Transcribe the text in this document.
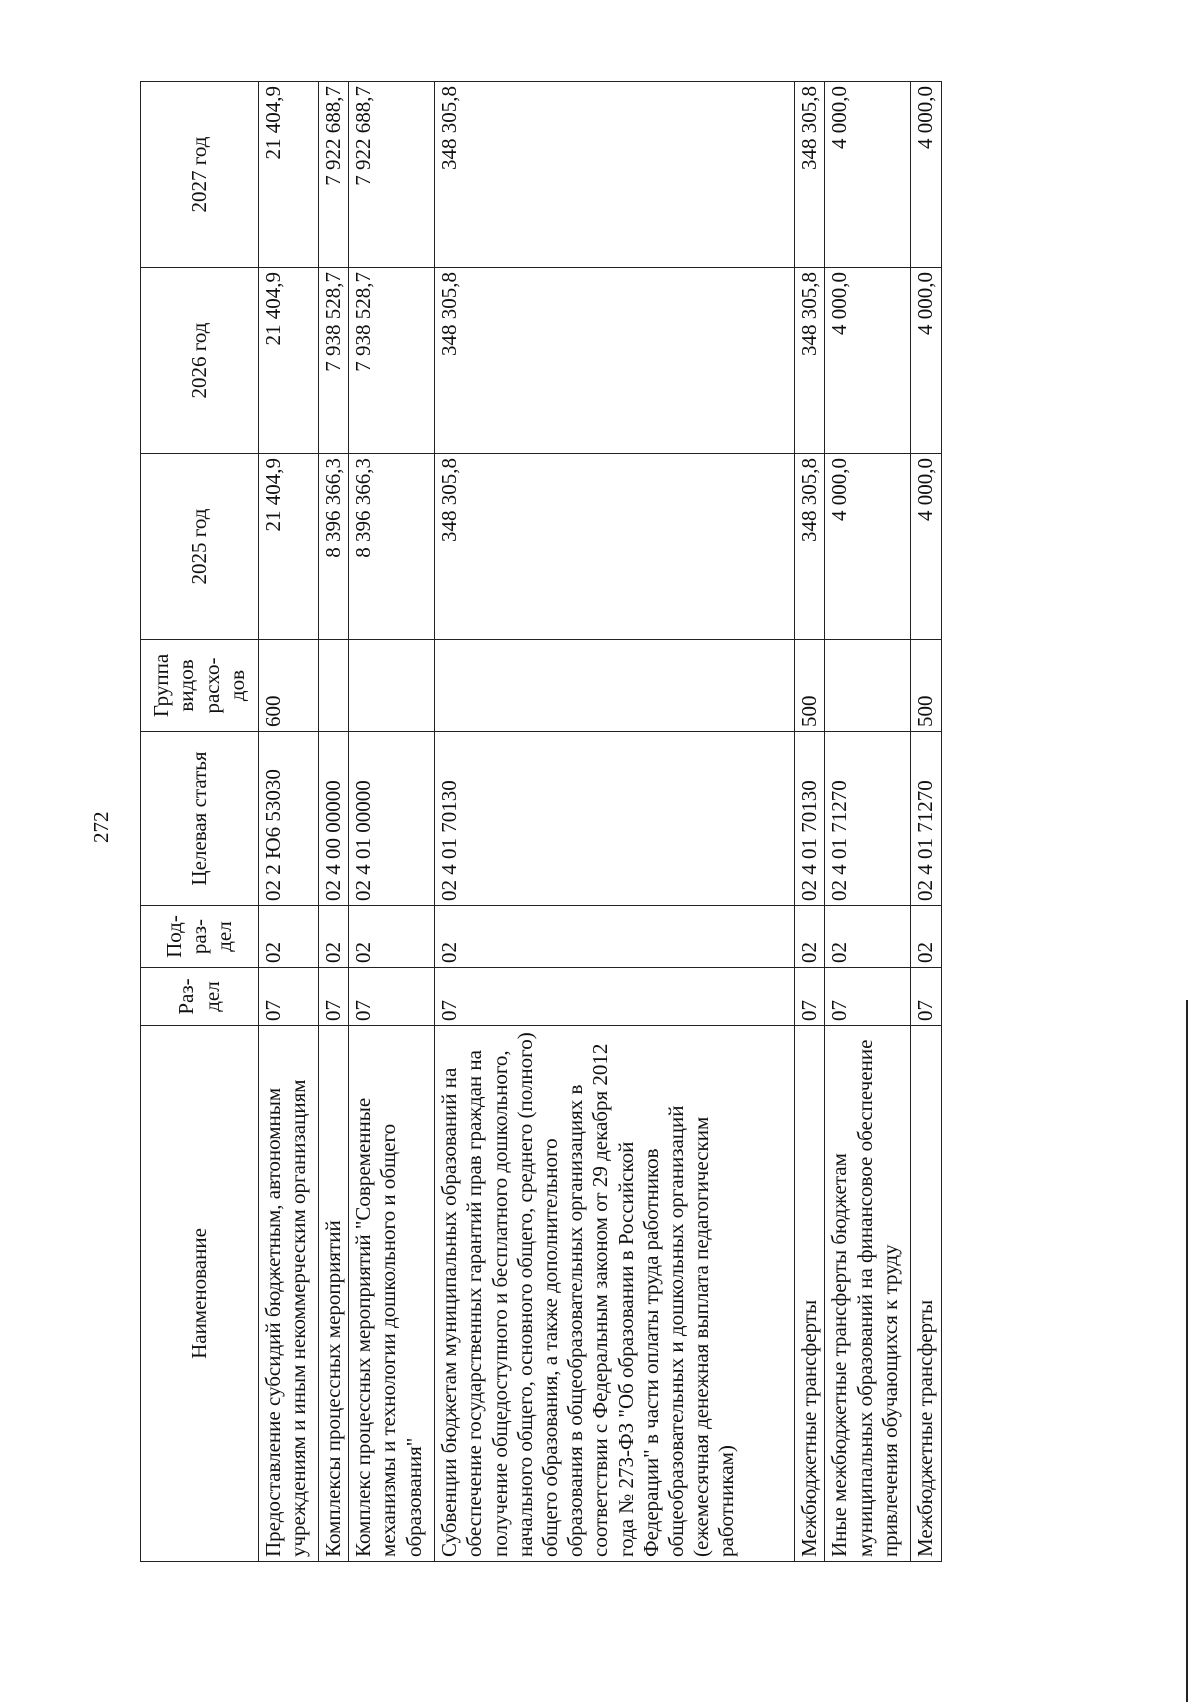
272
Наименование	Раз-дел	Под-раз-дел	Целевая статья	Группа видов расхо-дов	2025 год	2026 год	2027 год
Предоставление субсидий бюджетным, автономным учреждениям и иным некоммерческим организациям	07	02	02 2 Ю6 53030	600	21 404,9	21 404,9	21 404,9
Комплексы процессных мероприятий	07	02	02 4 00 00000		8 396 366,3	7 938 528,7	7 922 688,7
Комплекс процессных мероприятий "Современные механизмы и технологии дошкольного и общего образования"	07	02	02 4 01 00000		8 396 366,3	7 938 528,7	7 922 688,7
Субвенции бюджетам муниципальных образований на обеспечение государственных гарантий прав граждан на получение общедоступного и бесплатного дошкольного, начального общего, основного общего, среднего (полного) общего образования, а также дополнительного образования в общеобразовательных организациях в соответствии с Федеральным законом от 29 декабря 2012 года № 273-ФЗ "Об образовании в Российской Федерации" в части оплаты труда работников общеобразовательных и дошкольных организаций (ежемесячная денежная выплата педагогическим работникам)	07	02	02 4 01 70130		348 305,8	348 305,8	348 305,8
Межбюджетные трансферты	07	02	02 4 01 70130	500	348 305,8	348 305,8	348 305,8
Иные межбюджетные трансферты бюджетам муниципальных образований на финансовое обеспечение привлечения обучающихся к труду	07	02	02 4 01 71270		4 000,0	4 000,0	4 000,0
Межбюджетные трансферты	07	02	02 4 01 71270	500	4 000,0	4 000,0	4 000,0
